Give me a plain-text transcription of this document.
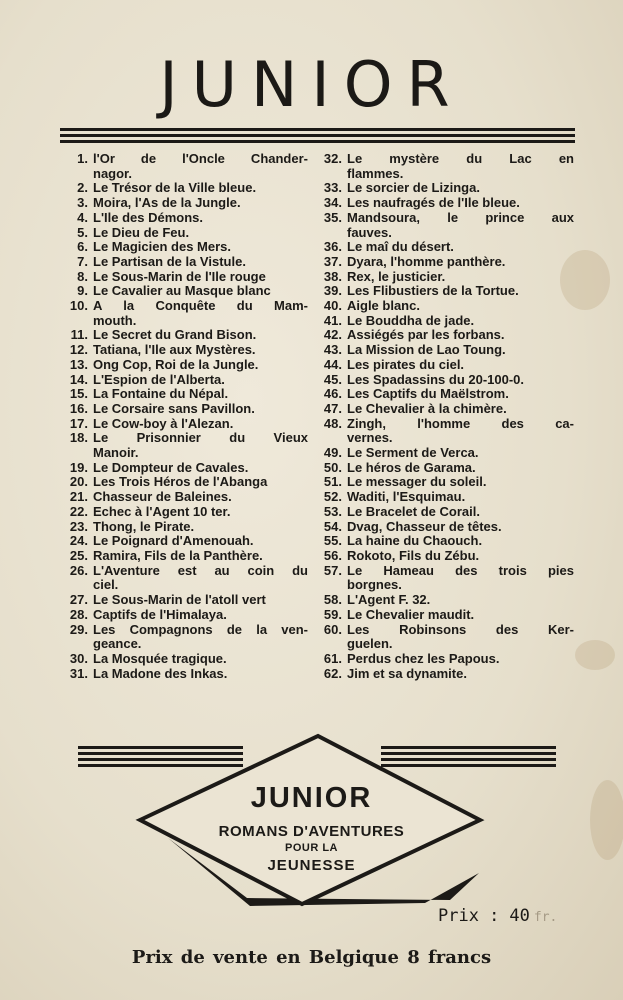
JUNIOR
1. l'Or de l'Oncle Chander-
nagor.
2. Le Trésor de la Ville bleue.
3. Moira, l'As de la Jungle.
4. L'Ile des Démons.
5. Le Dieu de Feu.
6. Le Magicien des Mers.
7. Le Partisan de la Vistule.
8. Le Sous-Marin de l'Ile rouge
9. Le Cavalier au Masque blanc
10. A la Conquête du Mam-
mouth.
11. Le Secret du Grand Bison.
12. Tatiana, l'Ile aux Mystères.
13. Ong Cop, Roi de la Jungle.
14. L'Espion de l'Alberta.
15. La Fontaine du Népal.
16. Le Corsaire sans Pavillon.
17. Le Cow-boy à l'Alezan.
18. Le Prisonnier du Vieux
Manoir.
19. Le Dompteur de Cavales.
20. Les Trois Héros de l'Abanga
21. Chasseur de Baleines.
22. Echec à l'Agent 10 ter.
23. Thong, le Pirate.
24. Le Poignard d'Amenouah.
25. Ramira, Fils de la Panthère.
26. L'Aventure est au coin du
ciel.
27. Le Sous-Marin de l'atoll vert
28. Captifs de l'Himalaya.
29. Les Compagnons de la ven-
geance.
30. La Mosquée tragique.
31. La Madone des Inkas.
32. Le mystère du Lac en
flammes.
33. Le sorcier de Lizinga.
34. Les naufragés de l'Ile bleue.
35. Mandsoura, le prince aux
fauves.
36. Le maî du désert.
37. Dyara, l'homme panthère.
38. Rex, le justicier.
39. Les Flibustiers de la Tortue.
40. Aigle blanc.
41. Le Bouddha de jade.
42. Assiégés par les forbans.
43. La Mission de Lao Toung.
44. Les pirates du ciel.
45. Les Spadassins du 20-100-0.
46. Les Captifs du Maëlstrom.
47. Le Chevalier à la chimère.
48. Zingh, l'homme des ca-
vernes.
49. Le Serment de Verca.
50. Le héros de Garama.
51. Le messager du soleil.
52. Waditi, l'Esquimau.
53. Le Bracelet de Corail.
54. Dvag, Chasseur de têtes.
55. La haine du Chaouch.
56. Rokoto, Fils du Zébu.
57. Le Hameau des trois pies
borgnes.
58. L'Agent F. 32.
59. Le Chevalier maudit.
60. Les Robinsons des Ker-
guelen.
61. Perdus chez les Papous.
62. Jim et sa dynamite.
JUNIOR
ROMANS D'AVENTURES
POUR LA
JEUNESSE
Prix : 40 fr.
Prix de vente en Belgique 8 francs
